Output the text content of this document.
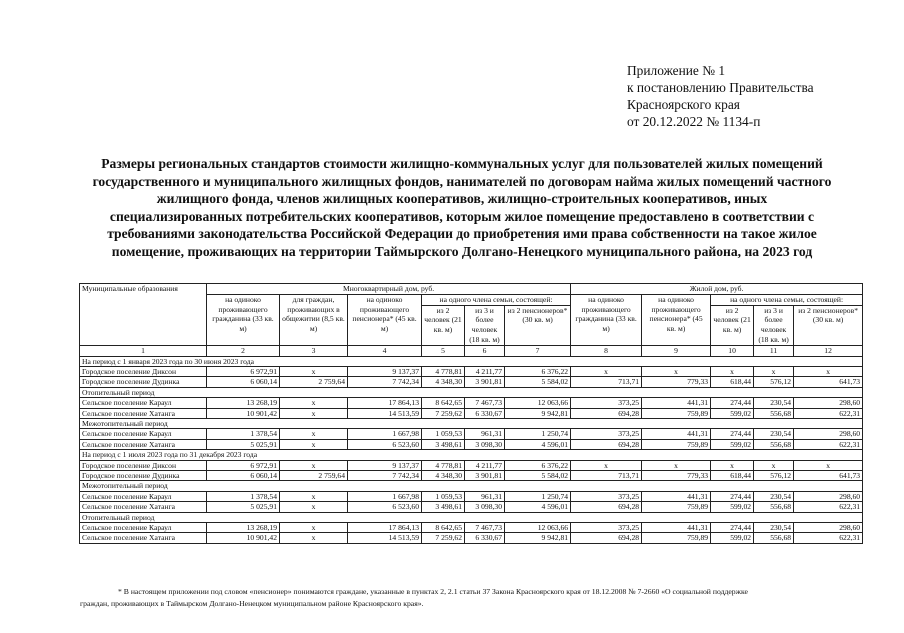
Приложение № 1
к постановлению Правительства
Красноярского края
от 20.12.2022 № 1134-п
Размеры региональных стандартов стоимости жилищно-коммунальных услуг для пользователей жилых помещений государственного и муниципального жилищных фондов, нанимателей по договорам найма жилых помещений частного жилищного фонда, членов жилищных кооперативов, жилищно-строительных кооперативов, иных специализированных потребительских кооперативов, которым жилое помещение предоставлено в соответствии с требованиями законодательства Российской Федерации до приобретения ими права собственности на такое жилое помещение, проживающих на территории Таймырского Долгано-Ненецкого муниципального района, на 2023 год
Муниципальные образования	Многоквартирный дом, руб.						Жилой дом, руб.				
	на одиноко проживающего гражданина (33 кв. м)	для граждан, проживающих в общежитии (8,5 кв. м)	на одиноко проживающего пенсионера* (45 кв. м)	на одного члена семьи, состоящей:			на одиноко проживающего гражданина (33 кв. м)	на одиноко проживающего пенсионера* (45 кв. м)	на одного члена семьи, состоящей:		
				из 2 человек (21 кв. м)	из 3 и более человек (18 кв. м)	из 2 пенсионеров* (30 кв. м)			из 2 человек (21 кв. м)	из 3 и более человек (18 кв. м)	из 2 пенсионеров* (30 кв. м)
1	2	3	4	5	6	7	8	9	10	11	12
На период с 1 января 2023 года по 30 июня 2023 года											
Городское поселение Диксон	6 972,91	x	9 137,37	4 778,81	4 211,77	6 376,22	x	x	x	x	x
Городское поселение Дудинка	6 060,14	2 759,64	7 742,34	4 348,30	3 901,81	5 584,02	713,71	779,33	618,44	576,12	641,73
Отопительный период											
Сельское поселение Караул	13 268,19	x	17 864,13	8 642,65	7 467,73	12 063,66	373,25	441,31	274,44	230,54	298,60
Сельское поселение Хатанга	10 901,42	x	14 513,59	7 259,62	6 330,67	9 942,81	694,28	759,89	599,02	556,68	622,31
Межотопительный период											
Сельское поселение Караул	1 378,54	x	1 667,98	1 059,53	961,31	1 250,74	373,25	441,31	274,44	230,54	298,60
Сельское поселение Хатанга	5 025,91	x	6 523,60	3 498,61	3 098,30	4 596,01	694,28	759,89	599,02	556,68	622,31
На период с 1 июля 2023 года по 31 декабря 2023 года											
Городское поселение Диксон	6 972,91	x	9 137,37	4 778,81	4 211,77	6 376,22	x	x	x	x	x
Городское поселение Дудинка	6 060,14	2 759,64	7 742,34	4 348,30	3 901,81	5 584,02	713,71	779,33	618,44	576,12	641,73
Межотопительный период											
Сельское поселение Караул	1 378,54	x	1 667,98	1 059,53	961,31	1 250,74	373,25	441,31	274,44	230,54	298,60
Сельское поселение Хатанга	5 025,91	x	6 523,60	3 498,61	3 098,30	4 596,01	694,28	759,89	599,02	556,68	622,31
Отопительный период											
Сельское поселение Караул	13 268,19	x	17 864,13	8 642,65	7 467,73	12 063,66	373,25	441,31	274,44	230,54	298,60
Сельское поселение Хатанга	10 901,42	x	14 513,59	7 259,62	6 330,67	9 942,81	694,28	759,89	599,02	556,68	622,31
* В настоящем приложении под словом «пенсионер» понимаются граждане, указанные в пунктах 2, 2.1 статьи 37 Закона Красноярского края от 18.12.2008 № 7-2660 «О социальной поддержке
граждан, проживающих в Таймырском Долгано-Ненецком муниципальном районе Красноярского края».
